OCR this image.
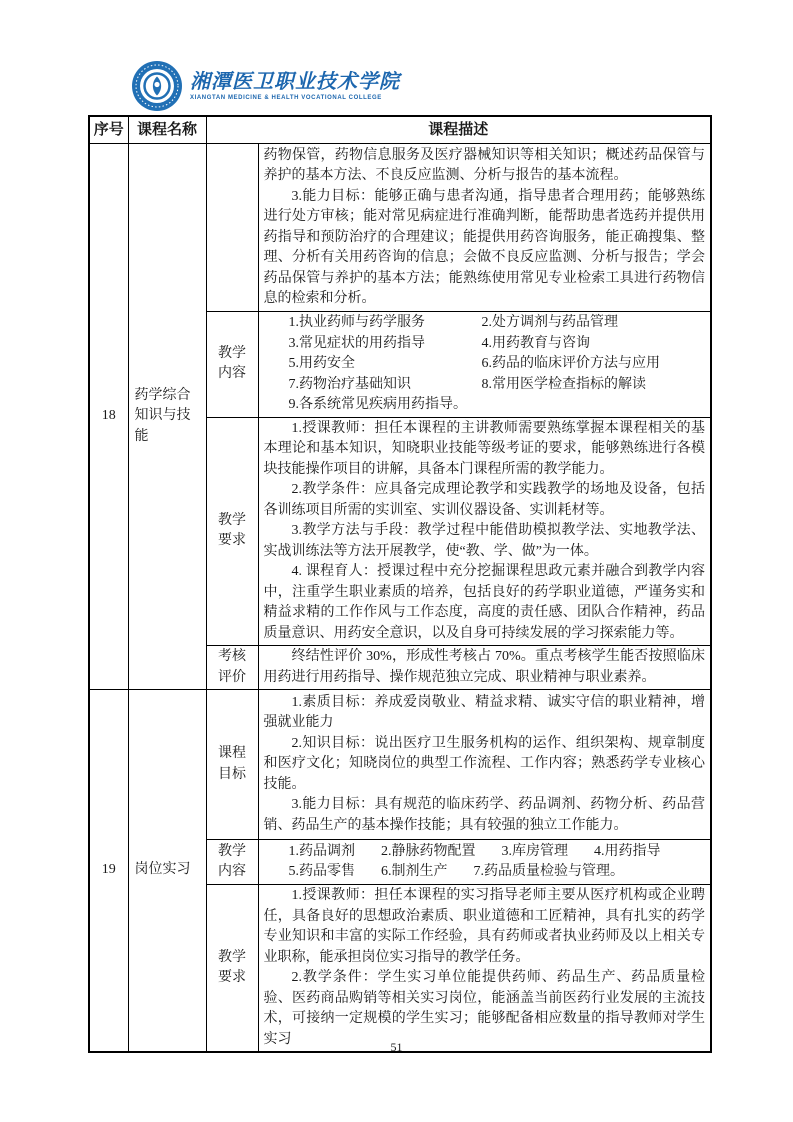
湘潭医卫职业技术学院
XIANGTAN MEDICINE & HEALTH VOCATIONAL COLLEGE
序号	课程名称	课程描述	
18	药学综合知识与技能		药物保管，药物信息服务及医疗器械知识等相关知识；概述药品保管与养护的基本方法、不良反应监测、分析与报告的基本流程。

3.能力目标：能够正确与患者沟通，指导患者合理用药；能够熟练进行处方审核；能对常见病症进行准确判断，能帮助患者选药并提供用药指导和预防治疗的合理建议；能提供用药咨询服务，能正确搜集、整理、分析有关用药咨询的信息；会做不良反应监测、分析与报告；学会药品保管与养护的基本方法；能熟练使用常见专业检索工具进行药物信息的检索和分析。

		教学内容	1.执业药师与药学服务 2.处方调剂与药品管理
3.常见症状的用药指导 4.用药教育与咨询
5.用药安全 6.药品的临床评价方法与应用
7.药物治疗基础知识 8.常用医学检查指标的解读
9.各系统常见疾病用药指导。

		教学要求	1.授课教师：担任本课程的主讲教师需要熟练掌握本课程相关的基本理论和基本知识，知晓职业技能等级考证的要求，能够熟练进行各模块技能操作项目的讲解，具备本门课程所需的教学能力。

2.教学条件：应具备完成理论教学和实践教学的场地及设备，包括各训练项目所需的实训室、实训仪器设备、实训耗材等。

3.教学方法与手段：教学过程中能借助模拟教学法、实地教学法、实战训练法等方法开展教学，使“教、学、做”为一体。

4. 课程育人：授课过程中充分挖掘课程思政元素并融合到教学内容中，注重学生职业素质的培养，包括良好的药学职业道德，严谨务实和精益求精的工作作风与工作态度，高度的责任感、团队合作精神，药品质量意识、用药安全意识，以及自身可持续发展的学习探索能力等。

		考核评价	终结性评价 30%，形成性考核占 70%。重点考核学生能否按照临床用药进行用药指导、操作规范独立完成、职业精神与职业素养。

19	岗位实习	课程目标	1.素质目标：养成爱岗敬业、精益求精、诚实守信的职业精神，增强就业能力

2.知识目标：说出医疗卫生服务机构的运作、组织架构、规章制度和医疗文化；知晓岗位的典型工作流程、工作内容；熟悉药学专业核心技能。

3.能力目标：具有规范的临床药学、药品调剂、药物分析、药品营销、药品生产的基本操作技能；具有较强的独立工作能力。

		教学内容	1.药品调剂 2.静脉药物配置 3.库房管理 4.用药指导
5.药品零售 6.制剂生产 7.药品质量检验与管理。

		教学要求	1.授课教师：担任本课程的实习指导老师主要从医疗机构或企业聘任，具备良好的思想政治素质、职业道德和工匠精神，具有扎实的药学专业知识和丰富的实际工作经验，具有药师或者执业药师及以上相关专业职称，能承担岗位实习指导的教学任务。

2.教学条件：学生实习单位能提供药师、药品生产、药品质量检验、医药商品购销等相关实习岗位，能涵盖当前医药行业发展的主流技术，可接纳一定规模的学生实习；能够配备相应数量的指导教师对学生实习

51
